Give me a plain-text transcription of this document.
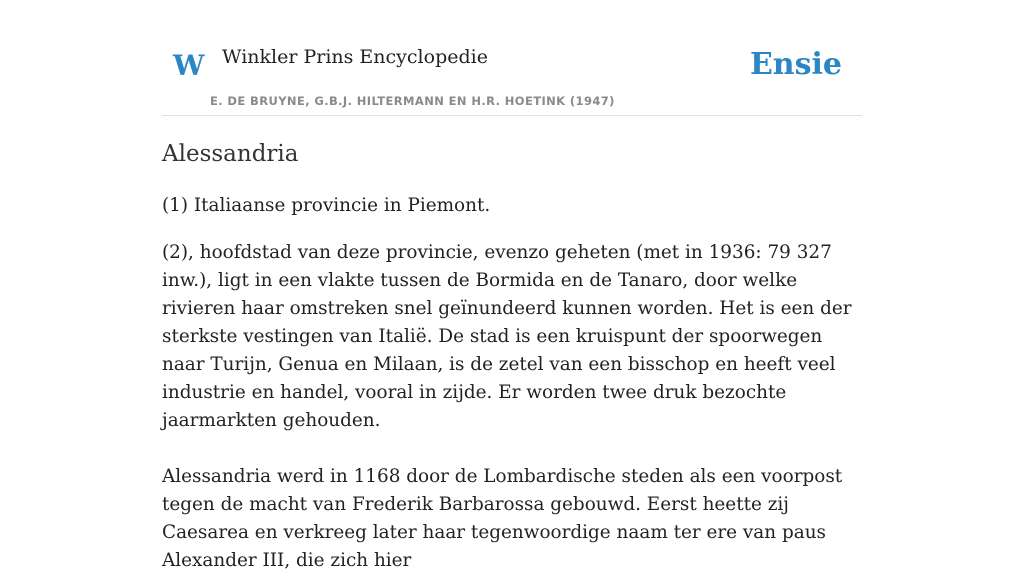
W Winkler Prins Encyclopedie
E. DE BRUYNE, G.B.J. HILTERMANN EN H.R. HOETINK (1947)
Ensie
Alessandria

(1) Italiaanse provincie in Piemont.

(2), hoofdstad van deze provincie, evenzo geheten (met in 1936: 79 327 inw.), ligt in een vlakte tussen de Bormida en de Tanaro, door welke rivieren haar omstreken snel geïnundeerd kunnen worden. Het is een der sterkste vestingen van Italië. De stad is een kruispunt der spoorwegen naar Turijn, Genua en Milaan, is de zetel van een bisschop en heeft veel industrie en handel, vooral in zijde. Er worden twee druk bezochte jaarmarkten gehouden.

Alessandria werd in 1168 door de Lombardische steden als een voorpost tegen de macht van Frederik Barbarossa gebouwd. Eerst heette zij Caesarea en verkreeg later haar tegenwoordige naam ter ere van paus Alexander III, die zich hier
